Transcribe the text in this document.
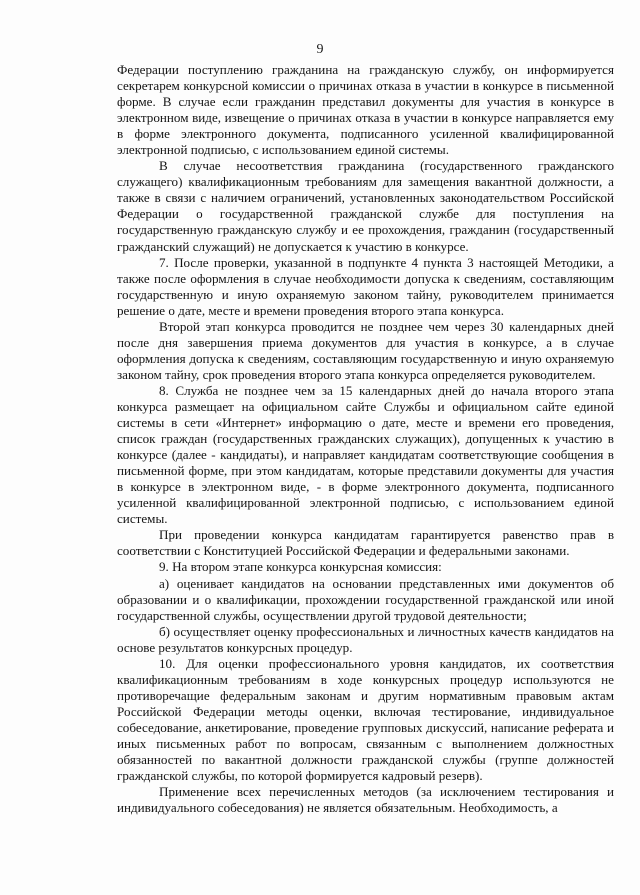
9

Федерации поступлению гражданина на гражданскую службу, он информируется секретарем конкурсной комиссии о причинах отказа в участии в конкурсе в письменной форме. В случае если гражданин представил документы для участия в конкурсе в электронном виде, извещение о причинах отказа в участии в конкурсе направляется ему в форме электронного документа, подписанного усиленной квалифицированной электронной подписью, с использованием единой системы.

В случае несоответствия гражданина (государственного гражданского служащего) квалификационным требованиям для замещения вакантной должности, а также в связи с наличием ограничений, установленных законодательством Российской Федерации о государственной гражданской службе для поступления на государственную гражданскую службу и ее прохождения, гражданин (государственный гражданский служащий) не допускается к участию в конкурсе.

7. После проверки, указанной в подпункте 4 пункта 3 настоящей Методики, а также после оформления в случае необходимости допуска к сведениям, составляющим государственную и иную охраняемую законом тайну, руководителем принимается решение о дате, месте и времени проведения второго этапа конкурса.

Второй этап конкурса проводится не позднее чем через 30 календарных дней после дня завершения приема документов для участия в конкурсе, а в случае оформления допуска к сведениям, составляющим государственную и иную охраняемую законом тайну, срок проведения второго этапа конкурса определяется руководителем.

8. Служба не позднее чем за 15 календарных дней до начала второго этапа конкурса размещает на официальном сайте Службы и официальном сайте единой системы в сети «Интернет» информацию о дате, месте и времени его проведения, список граждан (государственных гражданских служащих), допущенных к участию в конкурсе (далее - кандидаты), и направляет кандидатам соответствующие сообщения в письменной форме, при этом кандидатам, которые представили документы для участия в конкурсе в электронном виде, - в форме электронного документа, подписанного усиленной квалифицированной электронной подписью, с использованием единой системы.

При проведении конкурса кандидатам гарантируется равенство прав в соответствии с Конституцией Российской Федерации и федеральными законами.

9. На втором этапе конкурса конкурсная комиссия:

а) оценивает кандидатов на основании представленных ими документов об образовании и о квалификации, прохождении государственной гражданской или иной государственной службы, осуществлении другой трудовой деятельности;

б) осуществляет оценку профессиональных и личностных качеств кандидатов на основе результатов конкурсных процедур.

10. Для оценки профессионального уровня кандидатов, их соответствия квалификационным требованиям в ходе конкурсных процедур используются не противоречащие федеральным законам и другим нормативным правовым актам Российской Федерации методы оценки, включая тестирование, индивидуальное собеседование, анкетирование, проведение групповых дискуссий, написание реферата и иных письменных работ по вопросам, связанным с выполнением должностных обязанностей по вакантной должности гражданской службы (группе должностей гражданской службы, по которой формируется кадровый резерв).

Применение всех перечисленных методов (за исключением тестирования и индивидуального собеседования) не является обязательным. Необходимость, а
